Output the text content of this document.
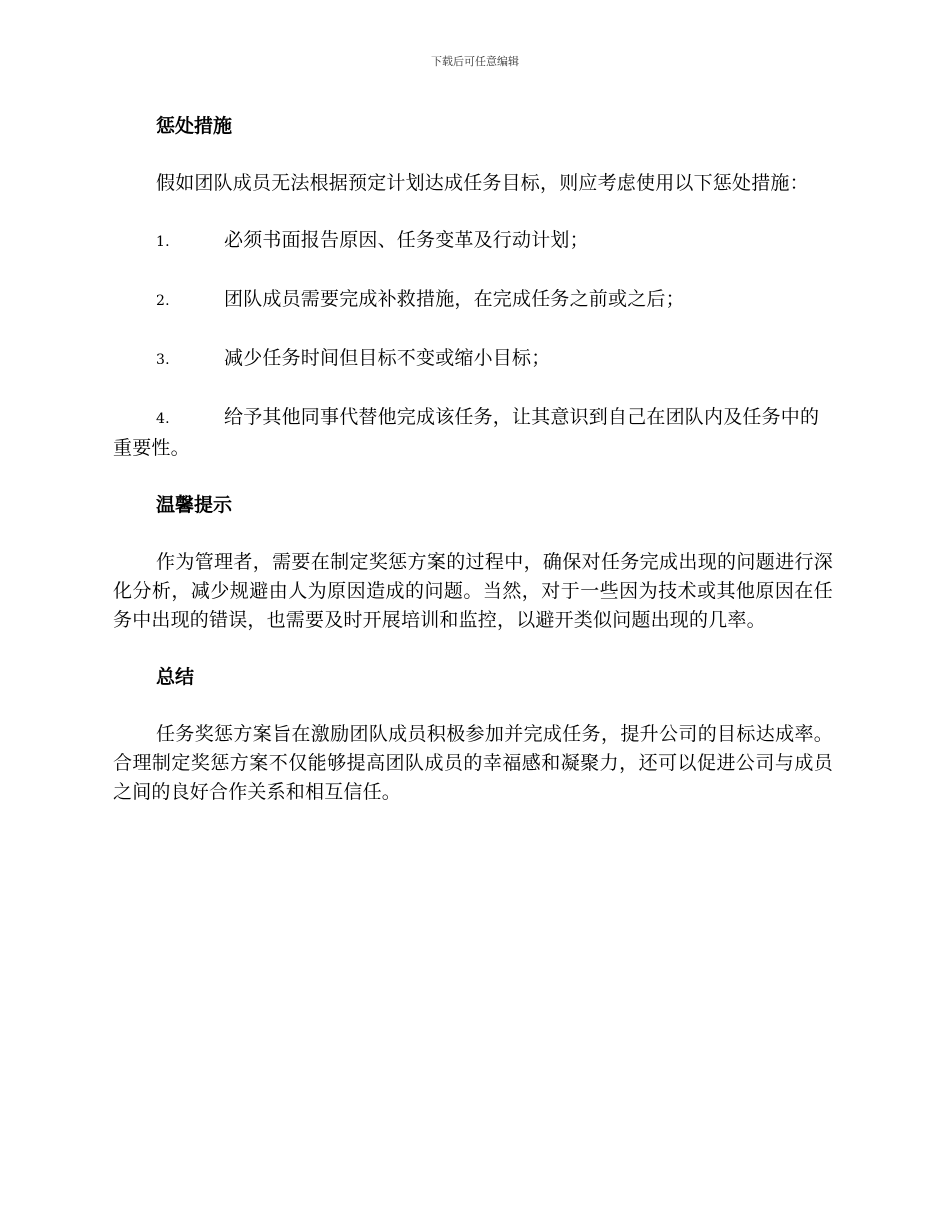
下载后可任意编辑
惩处措施

假如团队成员无法根据预定计划达成任务目标，则应考虑使用以下惩处措施：

1.	必须书面报告原因、任务变革及行动计划；
2.	团队成员需要完成补救措施，在完成任务之前或之后；
3.	减少任务时间但目标不变或缩小目标；
4.	给予其他同事代替他完成该任务，让其意识到自己在团队内及任务中的重要性。
温馨提示

作为管理者，需要在制定奖惩方案的过程中，确保对任务完成出现的问题进行深化分析，减少规避由人为原因造成的问题。当然，对于一些因为技术或其他原因在任务中出现的错误，也需要及时开展培训和监控，以避开类似问题出现的几率。

总结

任务奖惩方案旨在激励团队成员积极参加并完成任务，提升公司的目标达成率。合理制定奖惩方案不仅能够提高团队成员的幸福感和凝聚力，还可以促进公司与成员之间的良好合作关系和相互信任。
